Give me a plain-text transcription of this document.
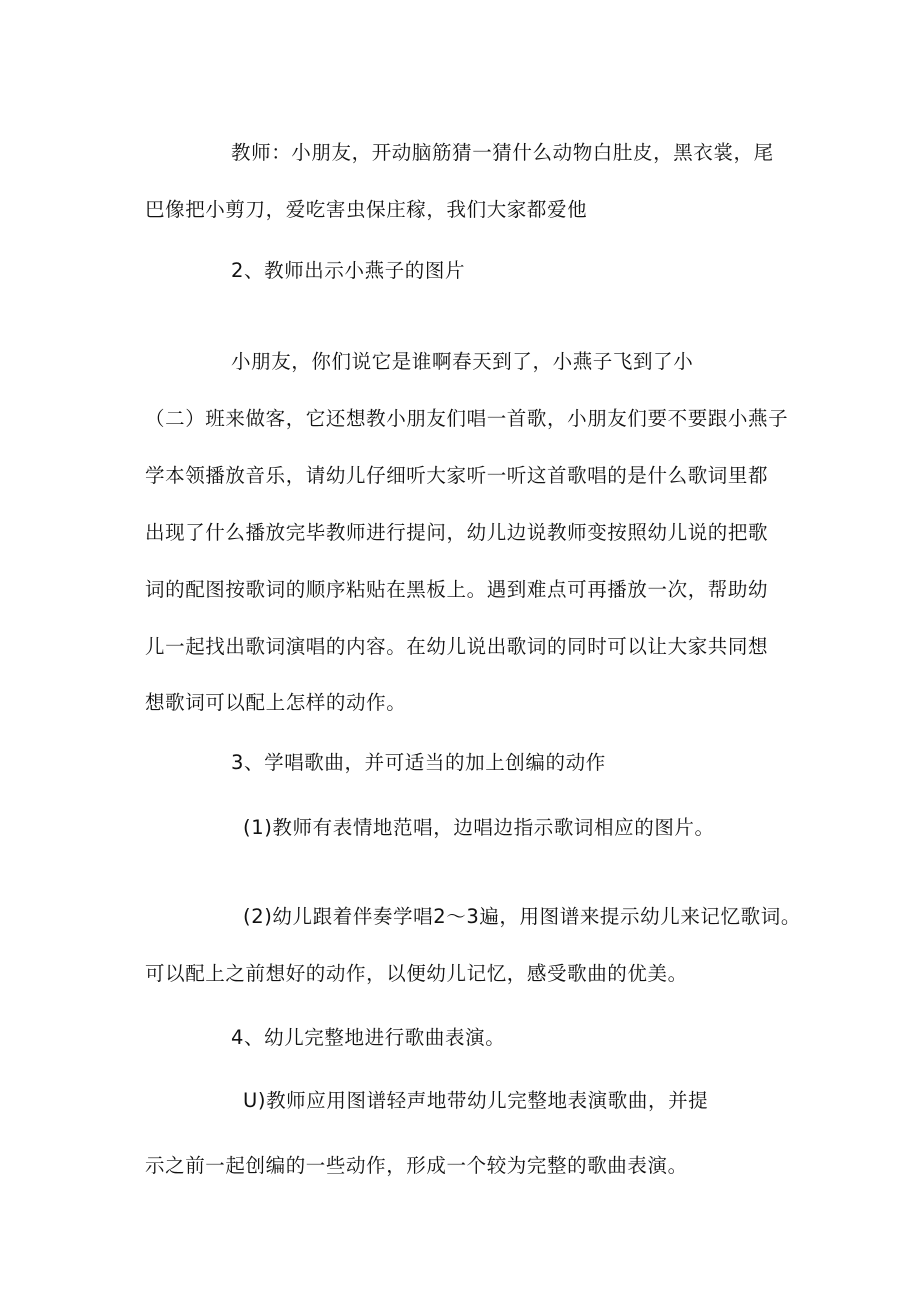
教师：小朋友，开动脑筋猜一猜什么动物白肚皮，黑衣裳，尾
巴像把小剪刀，爱吃害虫保庄稼，我们大家都爱他
2、教师出示小燕子的图片
小朋友，你们说它是谁啊春天到了，小燕子飞到了小
（二）班来做客，它还想教小朋友们唱一首歌，小朋友们要不要跟小燕子
学本领播放音乐，请幼儿仔细听大家听一听这首歌唱的是什么歌词里都
出现了什么播放完毕教师进行提问，幼儿边说教师变按照幼儿说的把歌
词的配图按歌词的顺序粘贴在黑板上。遇到难点可再播放一次，帮助幼
儿一起找出歌词演唱的内容。在幼儿说出歌词的同时可以让大家共同想
想歌词可以配上怎样的动作。
3、学唱歌曲，并可适当的加上创编的动作
(1)教师有表情地范唱，边唱边指示歌词相应的图片。
(2)幼儿跟着伴奏学唱2～3遍，用图谱来提示幼儿来记忆歌词。
可以配上之前想好的动作，以便幼儿记忆，感受歌曲的优美。
4、幼儿完整地进行歌曲表演。
U)教师应用图谱轻声地带幼儿完整地表演歌曲，并提
示之前一起创编的一些动作，形成一个较为完整的歌曲表演。
